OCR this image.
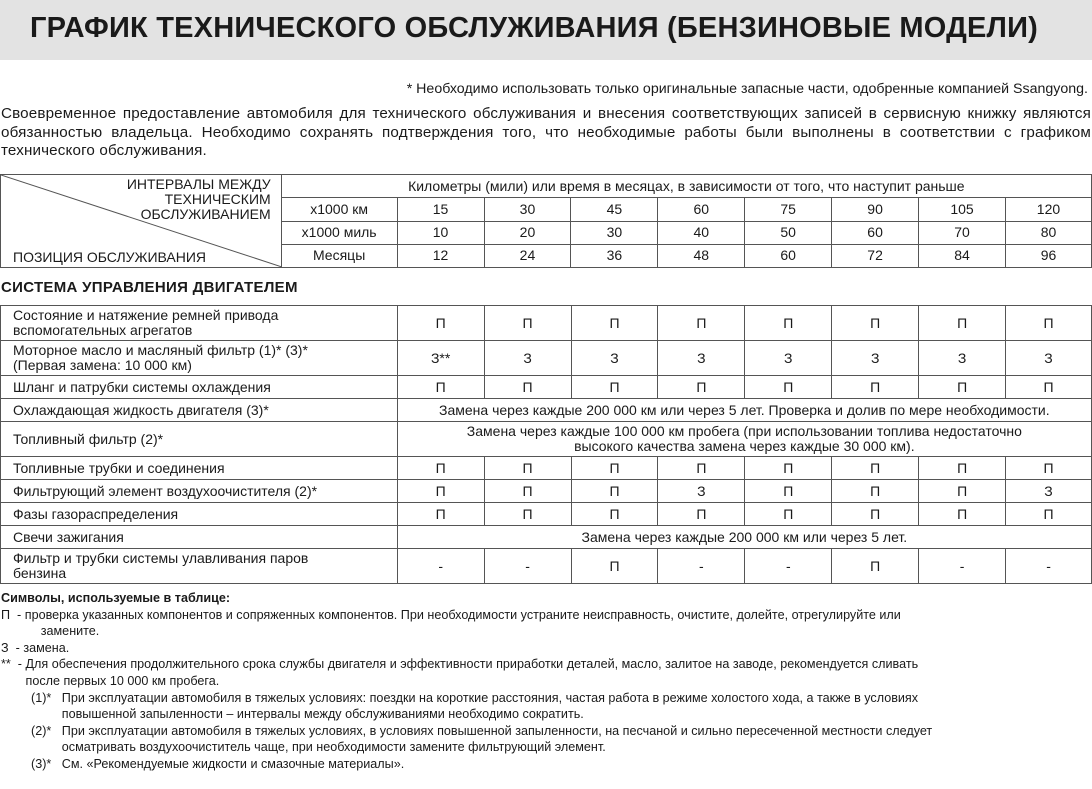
ГРАФИК ТЕХНИЧЕСКОГО ОБСЛУЖИВАНИЯ (БЕНЗИНОВЫЕ МОДЕЛИ)
* Необходимо использовать только оригинальные запасные части, одобренные компанией Ssangyong.
Своевременное предоставление автомобиля для технического обслуживания и внесения соответствующих записей в сервисную книжку являются обязанностью владельца. Необходимо сохранять подтверждения того, что необходимые работы были выполнены в соответствии с графиком технического обслуживания.
ИНТЕРВАЛЫ МЕЖДУ
ТЕХНИЧЕСКИМ
ОБСЛУЖИВАНИЕМ
ПОЗИЦИЯ ОБСЛУЖИВАНИЯ	Километры (мили) или время в месяцах, в зависимости от того, что наступит раньше								
	x1000 км	15	30	45	60	75	90	105	120
	x1000 миль	10	20	30	40	50	60	70	80
	Месяцы	12	24	36	48	60	72	84	96
СИСТЕМА УПРАВЛЕНИЯ ДВИГАТЕЛЕМ
Состояние и натяжение ремней привода
вспомогательных агрегатов	П	П	П	П	П	П	П	П

Моторное масло и масляный фильтр (1)* (3)*
(Первая замена: 10 000 км)	З**	З	З	З	З	З	З	З

Шланг и патрубки системы охлаждения	П	П	П	П	П	П	П	П

Охлаждающая жидкость двигателя (3)*	Замена через каждые 200 000 км или через 5 лет. Проверка и долив по мере необходимости.							

Топливный фильтр (2)*	Замена через каждые 100 000 км пробега (при использовании топлива недостаточно
высокого качества замена через каждые 30 000 км).							

Топливные трубки и соединения	П	П	П	П	П	П	П	П

Фильтрующий элемент воздухоочистителя (2)*	П	П	П	З	П	П	П	З

Фазы газораспределения	П	П	П	П	П	П	П	П

Свечи зажигания	Замена через каждые 200 000 км или через 5 лет.							

Фильтр и трубки системы улавливания паров
бензина	-	-	П	-	-	П	-	-
Символы, используемые в таблице:
П  - проверка указанных компонентов и сопряженных компонентов. При необходимости устраните неисправность, очистите, долейте, отрегулируйте или
замените.
З  - замена.
**  - Для обеспечения продолжительного срока службы двигателя и эффективности приработки деталей, масло, залитое на заводе, рекомендуется сливать
после первых 10 000 км пробега.
(1)* При эксплуатации автомобиля в тяжелых условиях: поездки на короткие расстояния, частая работа в режиме холостого хода, а также в условиях
повышенной запыленности – интервалы между обслуживаниями необходимо сократить.
(2)* При эксплуатации автомобиля в тяжелых условиях, в условиях повышенной запыленности, на песчаной и сильно пересеченной местности следует
осматривать воздухоочиститель чаще, при необходимости замените фильтрующий элемент.
(3)* См. «Рекомендуемые жидкости и смазочные материалы».
